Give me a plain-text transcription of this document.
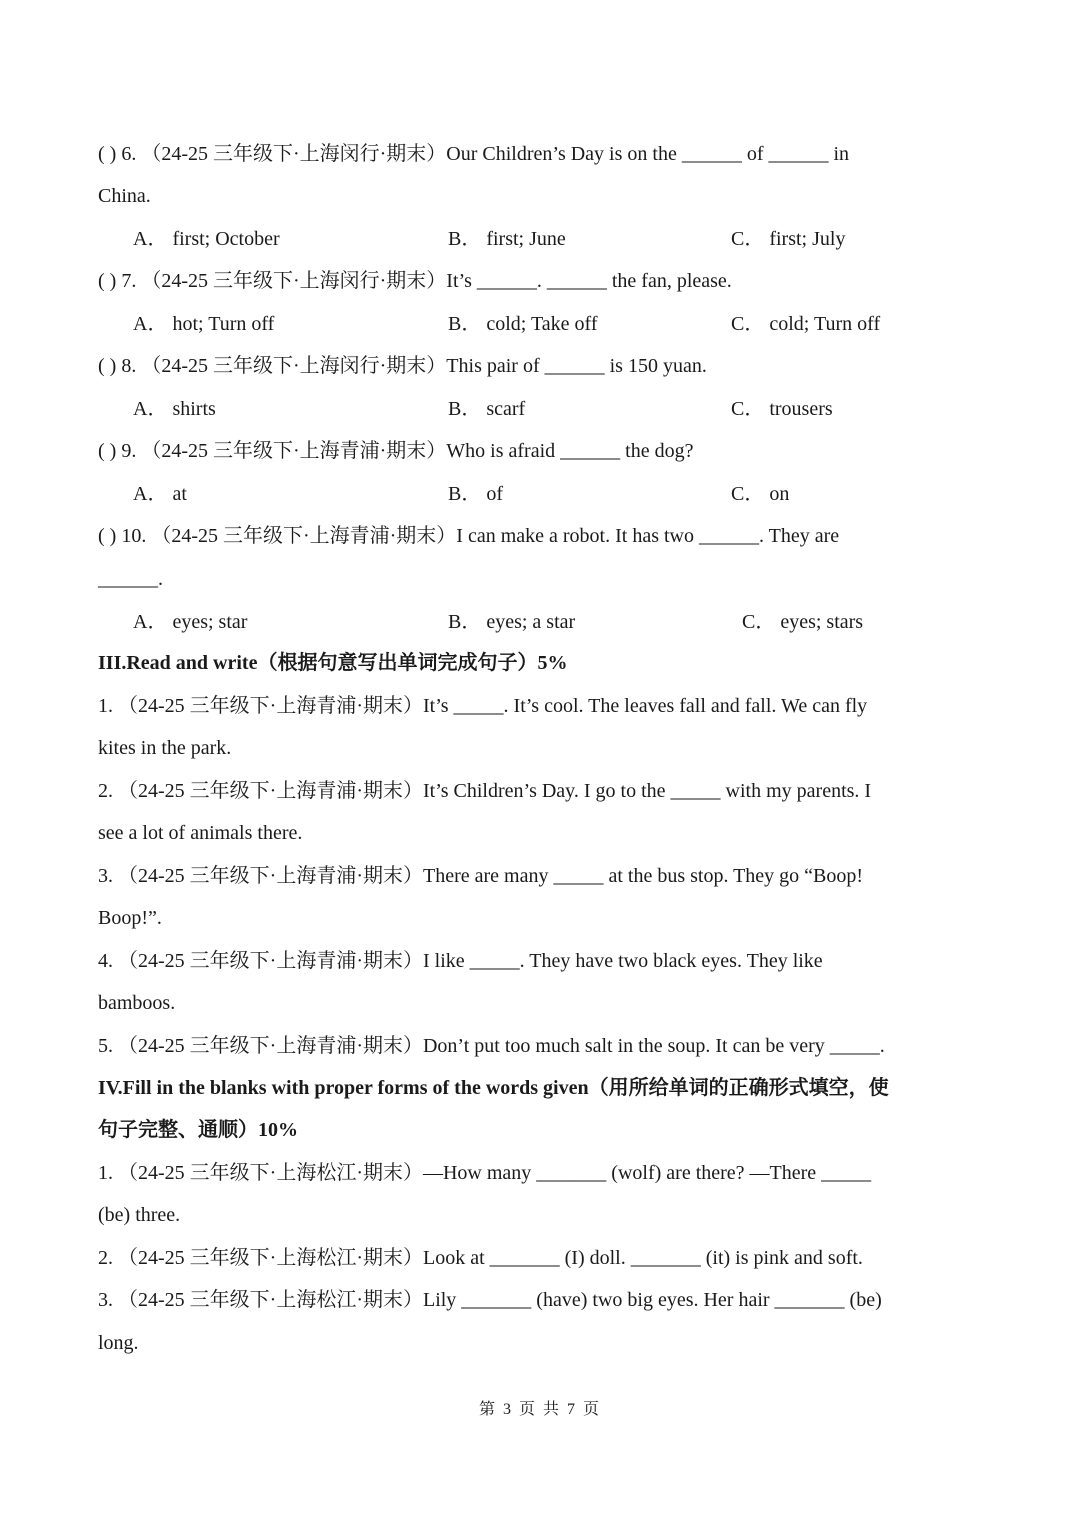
( ) 6. （24-25 三年级下·上海闵行·期末）Our Children’s Day is on the ______ of ______ in
China.
A． first; October	B． first; June	C． first; July
( ) 7. （24-25 三年级下·上海闵行·期末）It’s ______. ______ the fan, please.
A． hot; Turn off	B． cold; Take off	C． cold; Turn off
( ) 8. （24-25 三年级下·上海闵行·期末）This pair of ______ is 150 yuan.
A． shirts	B． scarf	C． trousers
( ) 9. （24-25 三年级下·上海青浦·期末）Who is afraid ______ the dog?
A． at	B． of	C． on
( ) 10. （24-25 三年级下·上海青浦·期末）I can make a robot. It has two ______. They are
______.
A． eyes; star	B． eyes; a star	C． eyes; stars
III.Read and write（根据句意写出单词完成句子）5%
1. （24-25 三年级下·上海青浦·期末）It’s _____. It’s cool. The leaves fall and fall. We can fly
kites in the park.
2. （24-25 三年级下·上海青浦·期末）It’s Children’s Day. I go to the _____ with my parents. I
see a lot of animals there.
3. （24-25 三年级下·上海青浦·期末）There are many _____ at the bus stop. They go “Boop!
Boop!”.
4. （24-25 三年级下·上海青浦·期末）I like _____. They have two black eyes. They like
bamboos.
5. （24-25 三年级下·上海青浦·期末）Don’t put too much salt in the soup. It can be very _____.
IV.Fill in the blanks with proper forms of the words given（用所给单词的正确形式填空，使
句子完整、通顺）10%
1. （24-25 三年级下·上海松江·期末）—How many _______ (wolf) are there? —There _____
(be) three.
2. （24-25 三年级下·上海松江·期末）Look at _______ (I) doll. _______ (it) is pink and soft.
3. （24-25 三年级下·上海松江·期末）Lily _______ (have) two big eyes. Her hair _______ (be)
long.
第 3 页 共 7 页
